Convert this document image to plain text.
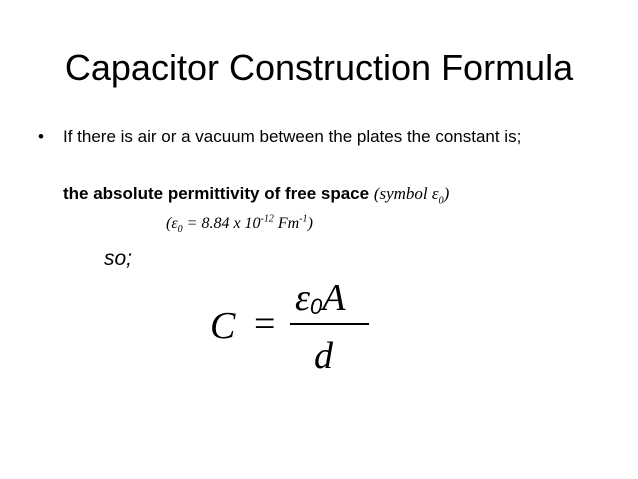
Capacitor Construction Formula
• If there is air or a vacuum between the plates the constant is;
the absolute permittivity of free space (symbol $\varepsilon_0$)
($\varepsilon_0 = 8.84$ x $10^{-12}$ $Fm^{-1}$)
so;
C =
ε0A
d
